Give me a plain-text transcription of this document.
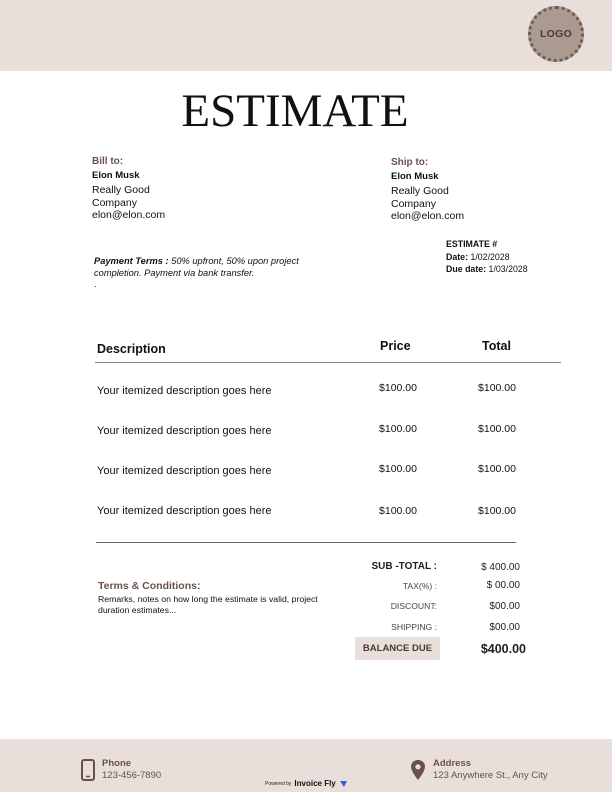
LOGO
ESTIMATE
Bill to:
Elon Musk
Really Good
Company
elon@elon.com
Ship to:
Elon Musk
Really Good
Company
elon@elon.com
ESTIMATE #
Date: 1/02/2028
Due date: 1/03/2028
Payment Terms : 50% upfront, 50% upon project completion. Payment via bank transfer.
.
Description	Price	Total
Your itemized description goes here	$100.00	$100.00
Your itemized description goes here	$100.00	$100.00
Your itemized description goes here	$100.00	$100.00
Your itemized description goes here	$100.00	$100.00
SUB -TOTAL :	$ 400.00
TAX(%) :	$ 00.00
DISCOUNT:	$00.00
SHIPPING :	$00.00
BALANCE DUE	$400.00
Terms & Conditions:
Remarks, notes on how long the estimate is valid, project duration estimates...
Phone
123-456-7890
Address
123 Anywhere St., Any City
Powered by Invoice Fly
